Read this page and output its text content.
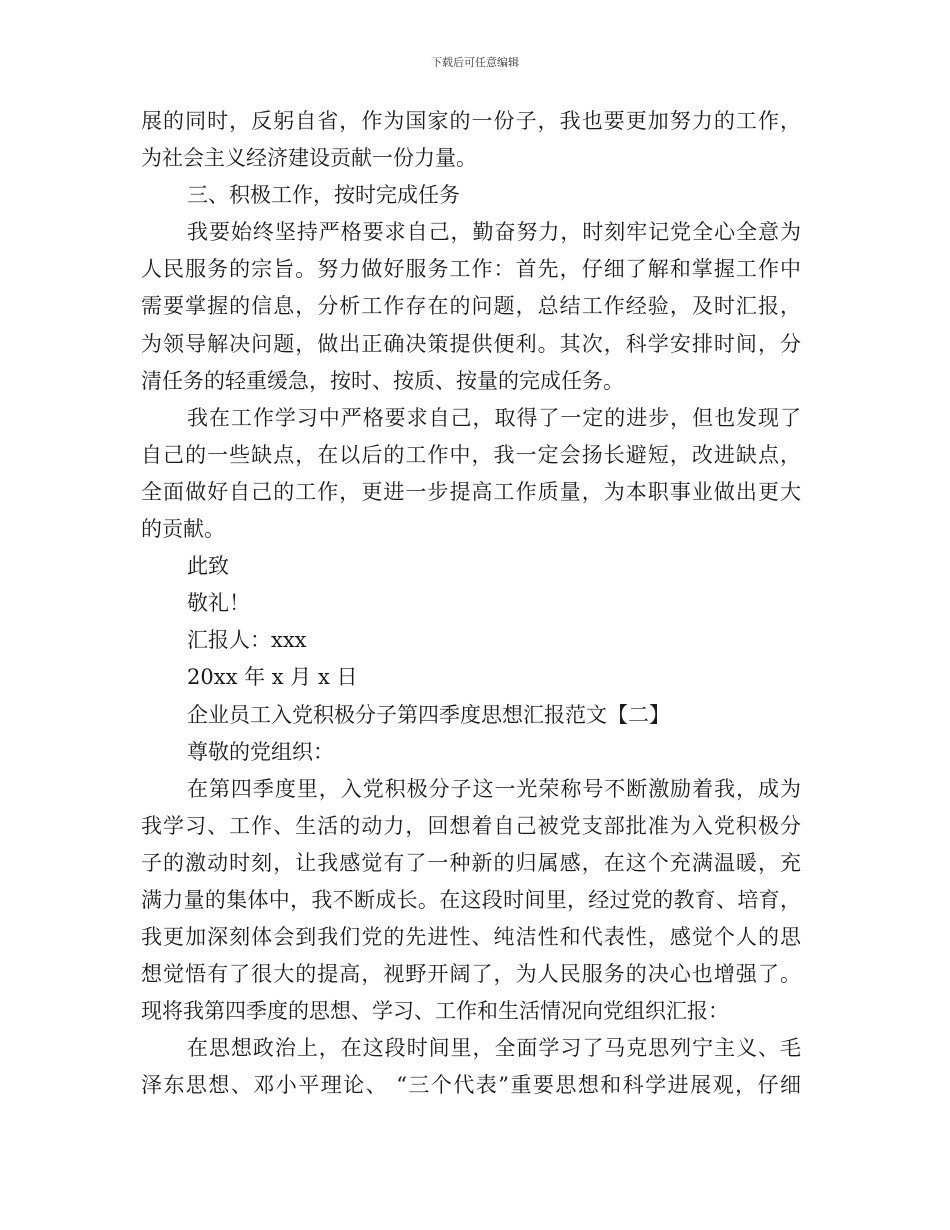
下载后可任意编辑
展的同时，反躬自省，作为国家的一份子，我也要更加努力的工作，
为社会主义经济建设贡献一份力量。
三、积极工作，按时完成任务
我要始终坚持严格要求自己，勤奋努力，时刻牢记党全心全意为
人民服务的宗旨。努力做好服务工作：首先，仔细了解和掌握工作中
需要掌握的信息，分析工作存在的问题，总结工作经验，及时汇报，
为领导解决问题，做出正确决策提供便利。其次，科学安排时间，分
清任务的轻重缓急，按时、按质、按量的完成任务。
我在工作学习中严格要求自己，取得了一定的进步，但也发现了
自己的一些缺点，在以后的工作中，我一定会扬长避短，改进缺点，
全面做好自己的工作，更进一步提高工作质量，为本职事业做出更大
的贡献。
此致
敬礼！
汇报人：xxx
20xx 年 x 月 x 日
企业员工入党积极分子第四季度思想汇报范文【二】
尊敬的党组织：
在第四季度里，入党积极分子这一光荣称号不断激励着我，成为
我学习、工作、生活的动力，回想着自己被党支部批准为入党积极分
子的激动时刻，让我感觉有了一种新的归属感，在这个充满温暖，充
满力量的集体中，我不断成长。在这段时间里，经过党的教育、培育，
我更加深刻体会到我们党的先进性、纯洁性和代表性，感觉个人的思
想觉悟有了很大的提高，视野开阔了，为人民服务的决心也增强了。
现将我第四季度的思想、学习、工作和生活情况向党组织汇报：
在思想政治上，在这段时间里，全面学习了马克思列宁主义、毛
泽东思想、邓小平理论、 “三个代表”重要思想和科学进展观，仔细
